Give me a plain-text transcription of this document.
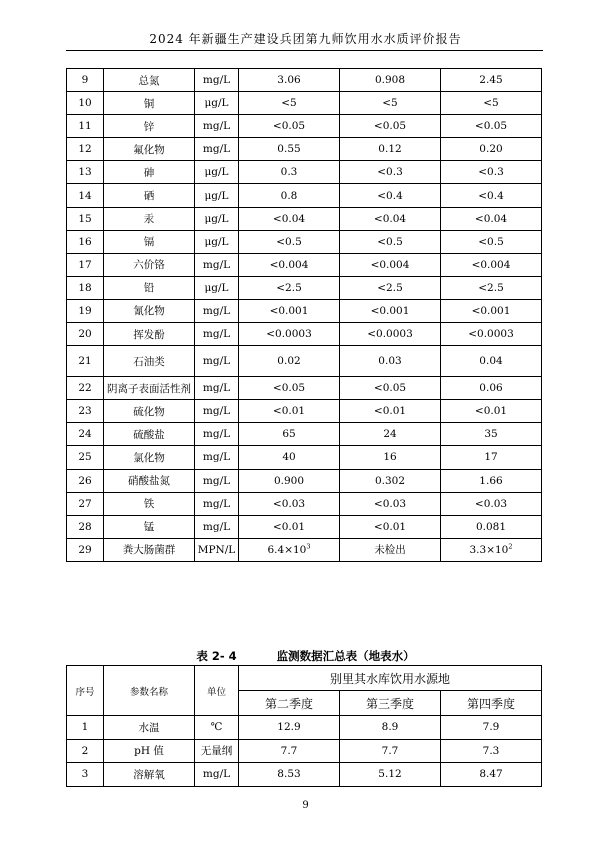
2024 年新疆生产建设兵团第九师饮用水水质评价报告
9	总氮	mg/L	3.06	0.908	2.45
10	铜	μg/L	<5	<5	<5
11	锌	mg/L	<0.05	<0.05	<0.05
12	氟化物	mg/L	0.55	0.12	0.20
13	砷	μg/L	0.3	<0.3	<0.3
14	硒	μg/L	0.8	<0.4	<0.4
15	汞	μg/L	<0.04	<0.04	<0.04
16	镉	μg/L	<0.5	<0.5	<0.5
17	六价铬	mg/L	<0.004	<0.004	<0.004
18	铅	μg/L	<2.5	<2.5	<2.5
19	氰化物	mg/L	<0.001	<0.001	<0.001
20	挥发酚	mg/L	<0.0003	<0.0003	<0.0003
21	石油类	mg/L	0.02	0.03	0.04
22	阴离子表面活性剂	mg/L	<0.05	<0.05	0.06
23	硫化物	mg/L	<0.01	<0.01	<0.01
24	硫酸盐	mg/L	65	24	35
25	氯化物	mg/L	40	16	17
26	硝酸盐氮	mg/L	0.900	0.302	1.66
27	铁	mg/L	<0.03	<0.03	<0.03
28	锰	mg/L	<0.01	<0.01	0.081
29	粪大肠菌群	MPN/L	$6.4\times 10^3$	未检出	$3.3\times 10^2$
表 2- 4	监测数据汇总表（地表水）
序号	参数名称	单位	别里其水库饮用水源地		
			第二季度	第三季度	第四季度
1	水温	℃	12.9	8.9	7.9
2	pH 值	无量纲	7.7	7.7	7.3
3	溶解氧	mg/L	8.53	5.12	8.47
9
